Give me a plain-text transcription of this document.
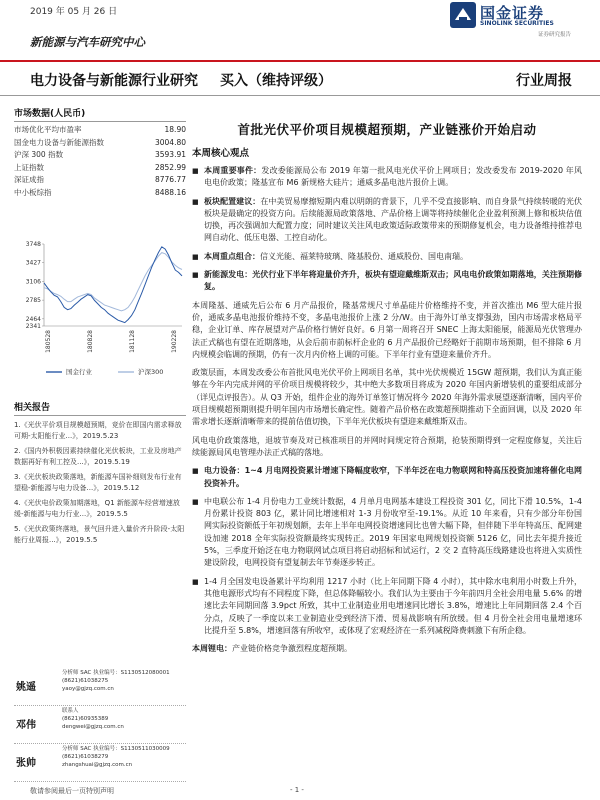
2019 年 05 月 26 日	国金证券
SINOLINK SECURITIES
证券研究报告
新能源与汽车研究中心
电力设备与新能源行业研究 买入（维持评级）	行业周报
市场数据(人民币)
市场优化平均市盈率	18.90
国金电力设备与新能源指数	3004.80
沪深 300 指数	3593.91
上证指数	2852.99
深证成指	8776.77
中小板综指	8488.16
3748
3427
3106
2785
2464
2341
180528	180828	181128	190228
国金行业	沪深300
相关报告
1.《光伏平价项目规模超预期，竞价在即国内需求释放可期-太阳能行业...》，2019.5.23
2.《国内外积极因素持续催化光伏板块，工业及房地产数据再好有利工控及...》，2019.5.19
3.《光伏板块政策落地，新能源车国补细则发布行业有望稳-新能源与电力设备...》，2019.5.12
4.《光伏电价政策加期落地，Q1 新能源车经营增速放缓-新能源与电力行业...》，2019.5.5
5.《光伏政策终落地，景气回升进入量价齐升阶段-太阳能行业周报...》，2019.5.5
姚遥
分析师 SAC 执业编号：S1130512080001
(8621)61038275
yaoy@gjzq.com.cn
邓伟
联系人
(8621)60935389
dengwei@gjzq.com.cn
张帅
分析师 SAC 执业编号：S1130511030009
(8621)61038279
zhangshuai@gjzq.com.cn
首批光伏平价项目规模超预期，产业链涨价开始启动
本周核心观点
■ 本周重要事件：发改委能源局公布 2019 年第一批风电光伏平价上网项目；发改委发布 2019-2020 年风电电价政策；隆基宣布 M6 新规格大硅片；通威多晶电池片报价上调。
■ 板块配置建议：在中美贸易摩擦短期内难以明朗的背景下，几乎不受直接影响、而自身景气持续转暖的光伏板块是最确定的投资方向。后续能源局政策落地、产品价格上调等将持续催化企业盈利预测上修和板块估值切换，再次强调加大配置力度；同时建议关注风电政策适际政策带来的预期修复机会，电力设备维持推荐电网自动化、低压电器、工控自动化。
■ 本周重点组合：信义光能、福莱特玻璃、隆基股份、通威股份、国电南瑞。
■ 新能源发电：光伏行业下半年将迎量价齐升，板块有望迎戴维斯双击；风电电价政策如期落地，关注预期修复。
本周隆基、通威先后公布 6 月产品报价，隆基常规尺寸单晶硅片价格维持不变，并首次推出 M6 型大硅片报价，通威多晶电池报价维持不变，多晶电池报价上涨 2 分/W。由于海外订单支撑强劲，国内市场需求格局平稳，企业订单、库存展望对产品价格行情好良好。6 月第一周将召开 SNEC 上海太阳能展，能源局光伏管理办法正式稿也有望在近期落地，从会后前市前标杆企业的 6 月产品报价已经略好于前期市场预期，但不排除 6 月内规模会临调的预期，仍有一次月内价格上调的可能。下半年行业有望迎来量价齐升。
政策层面，本周发改委公布首批风电光伏平价上网项目名单，其中光伏规模近 15GW 超预期，我们认为真正能够在今年内完成并网的平价项目规模将较少，其中绝大多数项目将成为 2020 年国内新增装机的重要组成部分（详见点评报告）。从 Q3 开始，组件企业的海外订单签订情况将今 2020 年海外需求展望逐渐清晰，国内平价项目规模超预期则提升明年国内市场增长确定性。随着产品价格在政策超预期推动下全面回调，以及 2020 年需求增长逐渐清晰带来的提前估值切换，下半年光伏板块有望迎来戴维斯双击。
风电电价政策落地，退坡节奏及对已核准项目的并网时间规定符合预期，抢装预期得到一定程度修复，关注后续能源局风电管理办法正式稿的落地。
■ 电力设备：1~4 月电网投资累计增速下降幅度收窄，下半年泛在电力物联网和特高压投资加速将催化电网投资补升。
■ 中电联公布 1-4 月份电力工业统计数据，4 月单月电网基本建设工程投资 301 亿，同比下滑 10.5%，1-4 月份累计投资 803 亿，累计同比增速相对 1-3 月份收窄至-19.1%。从近 10 年来看，只有少部分年份国网实际投资额低于年初规划额，去年上半年电网投资增速同比也曾大幅下降，但伴随下半年特高压、配网建设加速 2018 全年实际投资额最终实现转正。2019 年国家电网规划投资额 5126 亿，同比去年提升接近 5%，三季度开始泛在电力物联网试点项目将启动招标和试运行，2 交 2 直特高压线路建设也将进入实质性建设阶段，电网投资有望复制去年节奏逐步转正。
■ 1-4 月全国发电设备累计平均利用 1217 小时（比上年同期下降 4 小时），其中除水电利用小时数上升外，其他电源形式均有不同程度下降，但总体降幅较小。我们认为主要由于今年前四月全社会用电量 5.6% 的增速比去年同期回落 3.9pct 所致，其中工业制造业用电增速同比增长 3.8%，增速比上年同期回落 2.4 个百分点，反映了一季度以来工业制造业受到经济下滑、贸易战影响有所放缓。但 4 月份全社会用电量增速环比提升至 5.8%，增速回落有所收窄，或体现了宏观经济在一系列减税降费刺激下有所企稳。
本周锂电：产业链价格竞争激烈程度超预期。
敬请参阅最后一页特别声明	- 1 -
